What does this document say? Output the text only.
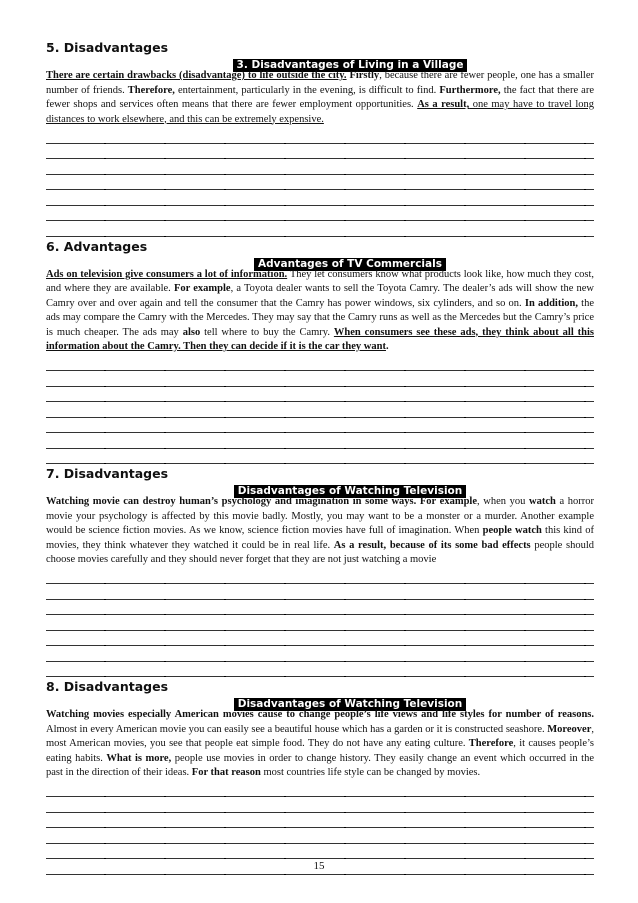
5. Disadvantages

3. Disadvantages of Living in a Village

There are certain drawbacks (disadvantage) to life outside the city. Firstly, because there are fewer people, one has a smaller number of friends. Therefore, entertainment, particularly in the evening, is difficult to find. Furthermore, the fact that there are fewer shops and services often means that there are fewer employment opportunities. As a result, one may have to travel long distances to work elsewhere, and this can be extremely expensive.

6. Advantages

Advantages of TV Commercials

Ads on television give consumers a lot of information. They let consumers know what products look like, how much they cost, and where they are available. For example, a Toyota dealer wants to sell the Toyota Camry. The dealer’s ads will show the new Camry over and over again and tell the consumer that the Camry has power windows, six cylinders, and so on. In addition, the ads may compare the Camry with the Mercedes. They may say that the Camry runs as well as the Mercedes but the Camry’s price is much cheaper. The ads may also tell where to buy the Camry. When consumers see these ads, they think about all this information about the Camry. Then they can decide if it is the car they want.

7. Disadvantages

Disadvantages of Watching Television

Watching movie can destroy human’s psychology and imagination in some ways. For example, when you watch a horror movie your psychology is affected by this movie badly. Mostly, you may want to be a monster or a murder. Another example would be science fiction movies. As we know, science fiction movies have full of imagination. When people watch this kind of movies, they think whatever they watched it could be in real life. As a result, because of its some bad effects people should choose movies carefully and they should never forget that they are not just watching a movie

8. Disadvantages

Disadvantages of Watching Television

Watching movies especially American movies cause to change people’s life views and life styles for number of reasons. Almost in every American movie you can easily see a beautiful house which has a garden or it is constructed seashore. Moreover, most American movies, you see that people eat simple food. They do not have any eating culture. Therefore, it causes people’s eating habits. What is more, people use movies in order to change history. They easily change an event which occurred in the past in the direction of their ideas. For that reason most countries life style can be changed by movies.

15
